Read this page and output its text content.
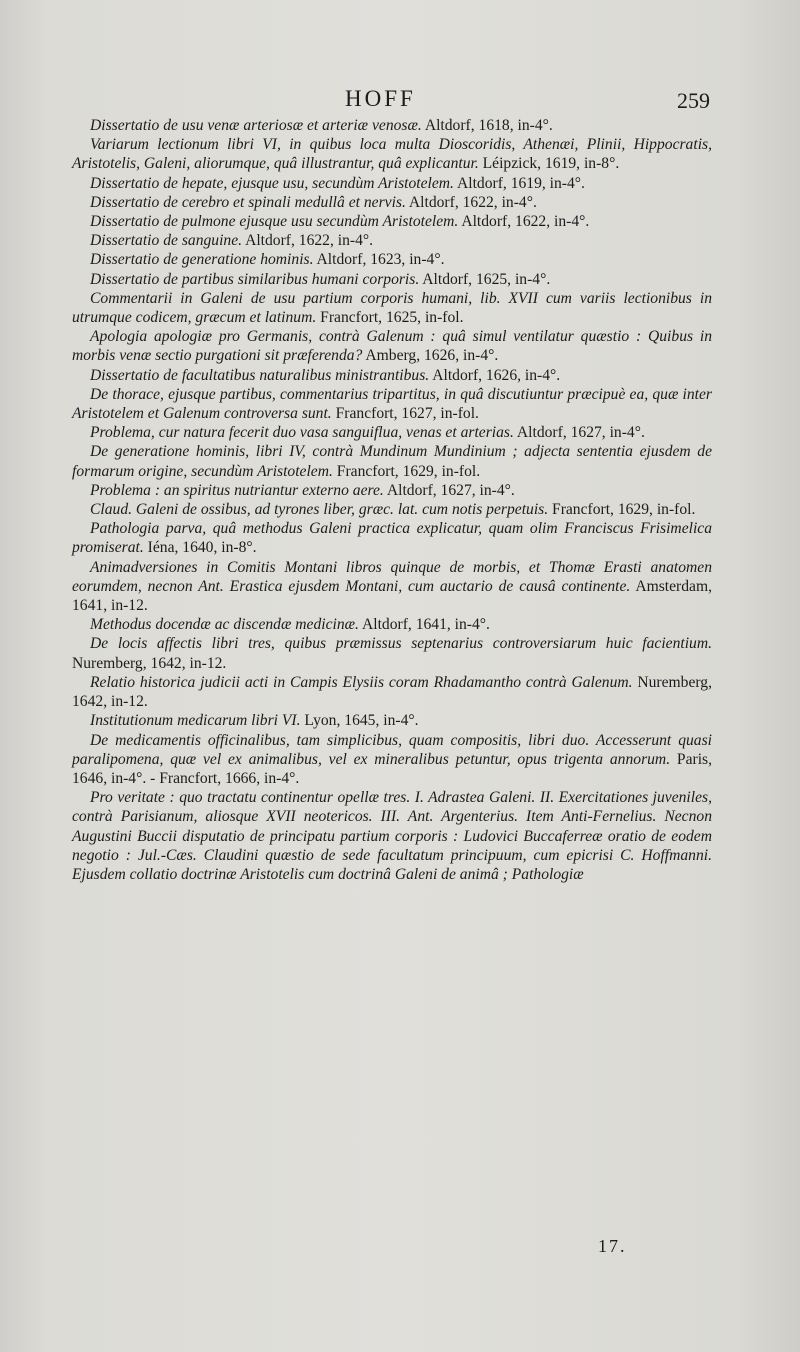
HOFF	259

Dissertatio de usu venæ arteriosæ et arteriæ venosæ. Altdorf, 1618, in-4°.

Variarum lectionum libri VI, in quibus loca multa Dioscoridis, Athenæi, Plinii, Hippocratis, Aristotelis, Galeni, aliorumque, quâ illustrantur, quâ explicantur. Léipzick, 1619, in-8°.

Dissertatio de hepate, ejusque usu, secundùm Aristotelem. Altdorf, 1619, in-4°.

Dissertatio de cerebro et spinali medullâ et nervis. Altdorf, 1622, in-4°.

Dissertatio de pulmone ejusque usu secundùm Aristotelem. Altdorf, 1622, in-4°.

Dissertatio de sanguine. Altdorf, 1622, in-4°.

Dissertatio de generatione hominis. Altdorf, 1623, in-4°.

Dissertatio de partibus similaribus humani corporis. Altdorf, 1625, in-4°.

Commentarii in Galeni de usu partium corporis humani, lib. XVII cum variis lectionibus in utrumque codicem, græcum et latinum. Francfort, 1625, in-fol.

Apologia apologiæ pro Germanis, contrà Galenum : quâ simul ventilatur quæstio : Quibus in morbis venæ sectio purgationi sit præferenda? Amberg, 1626, in-4°.

Dissertatio de facultatibus naturalibus ministrantibus. Altdorf, 1626, in-4°.

De thorace, ejusque partibus, commentarius tripartitus, in quâ discutiuntur præcipuè ea, quæ inter Aristotelem et Galenum controversa sunt. Francfort, 1627, in-fol.

Problema, cur natura fecerit duo vasa sanguiflua, venas et arterias. Altdorf, 1627, in-4°.

De generatione hominis, libri IV, contrà Mundinum Mundinium ; adjecta sententia ejusdem de formarum origine, secundùm Aristotelem. Francfort, 1629, in-fol.

Problema : an spiritus nutriantur externo aere. Altdorf, 1627, in-4°.

Claud. Galeni de ossibus, ad tyrones liber, græc. lat. cum notis perpetuis. Francfort, 1629, in-fol.

Pathologia parva, quâ methodus Galeni practica explicatur, quam olim Franciscus Frisimelica promiserat. Iéna, 1640, in-8°.

Animadversiones in Comitis Montani libros quinque de morbis, et Thomæ Erasti anatomen eorumdem, necnon Ant. Erastica ejusdem Montani, cum auctario de causâ continente. Amsterdam, 1641, in-12.

Methodus docendæ ac discendæ medicinæ. Altdorf, 1641, in-4°.

De locis affectis libri tres, quibus præmissus septenarius controversiarum huic facientium. Nuremberg, 1642, in-12.

Relatio historica judicii acti in Campis Elysiis coram Rhadamantho contrà Galenum. Nuremberg, 1642, in-12.

Institutionum medicarum libri VI. Lyon, 1645, in-4°.

De medicamentis officinalibus, tam simplicibus, quam compositis, libri duo. Accesserunt quasi paralipomena, quæ vel ex animalibus, vel ex mineralibus petuntur, opus trigenta annorum. Paris, 1646, in-4°. - Francfort, 1666, in-4°.

Pro veritate : quo tractatu continentur opellæ tres. I. Adrastea Galeni. II. Exercitationes juveniles, contrà Parisianum, aliosque XVII neotericos. III. Ant. Argenterius. Item Anti-Fernelius. Necnon Augustini Buccii disputatio de principatu partium corporis : Ludovici Buccaferreæ oratio de eodem negotio : Jul.-Cæs. Claudini quæstio de sede facultatum principuum, cum epicrisi C. Hoffmanni. Ejusdem collatio doctrinæ Aristotelis cum doctrinâ Galeni de animâ ; Pathologiæ

17.
